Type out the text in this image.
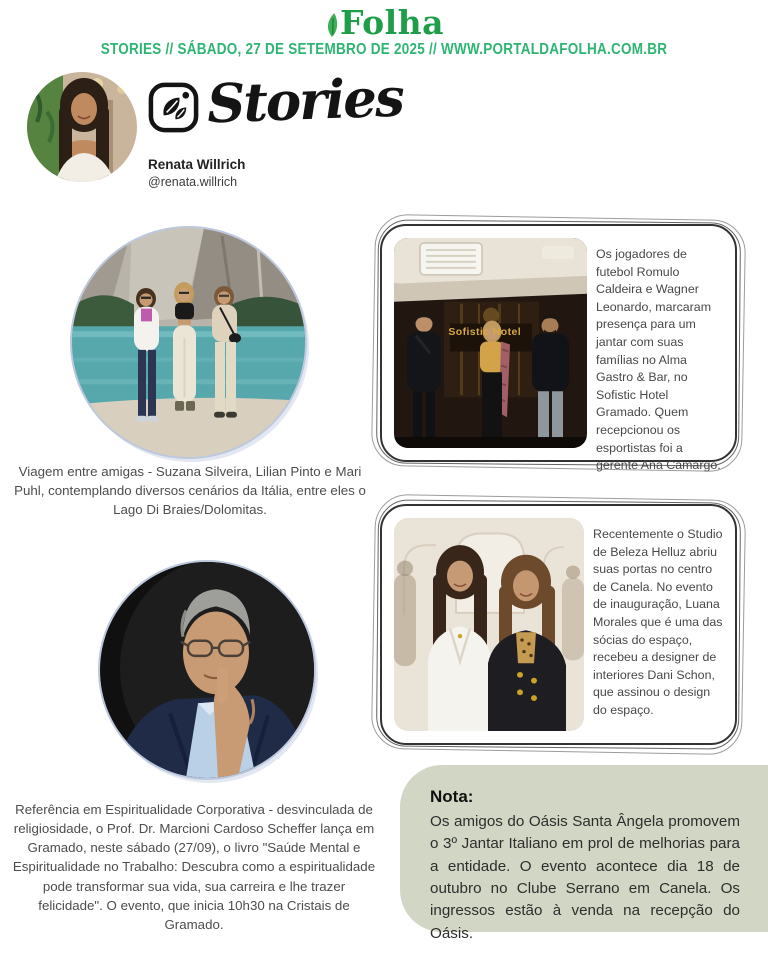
Folha
STORIES // SÁBADO, 27 DE SETEMBRO DE 2025 // WWW.PORTALDAFOLHA.COM.BR
Stories
Renata Willrich
@renata.willrich
Viagem entre amigas - Suzana Silveira, Lilian Pinto e Mari Puhl, contemplando diversos cenários da Itália, entre eles o Lago Di Braies/Dolomitas.
Sofistic Hotel
Os jogadores de futebol Romulo Caldeira e Wagner Leonardo, marcaram presença para um jantar com suas famílias no Alma Gastro & Bar, no Sofistic Hotel Gramado. Quem recepcionou os esportistas foi a gerente Ana Camargo.
Recentemente o Studio de Beleza Helluz abriu suas portas no centro de Canela. No evento de inauguração, Luana Morales que é uma das sócias do espaço, recebeu a designer de interiores Dani Schon, que assinou o design do espaço.
Referência em Espiritualidade Corporativa - desvinculada de religiosidade, o Prof. Dr. Marcioni Cardoso Scheffer lança em Gramado, neste sábado (27/09), o livro "Saúde Mental e Espiritualidade no Trabalho: Descubra como a espiritualidade pode transformar sua vida, sua carreira e lhe trazer felicidade". O evento, que inicia 10h30 na Cristais de Gramado.
Nota:
Os amigos do Oásis Santa Ângela promovem o 3º Jantar Italiano em prol de melhorias para a entidade. O evento acontece dia 18 de outubro no Clube Serrano em Canela. Os ingressos estão à venda na recepção do Oásis.
